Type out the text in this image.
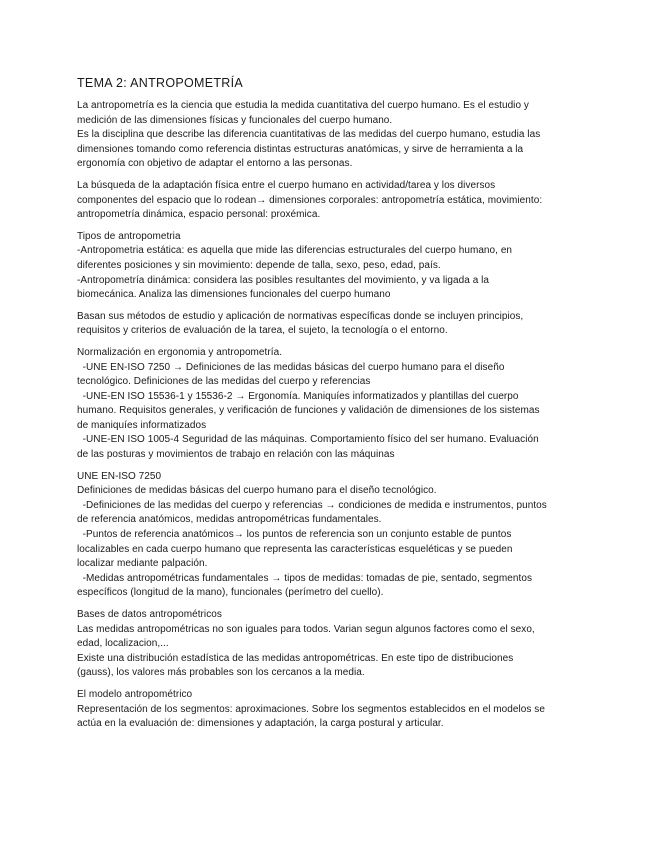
TEMA 2: ANTROPOMETRÍA
La antropometría es la ciencia que estudia la medida cuantitativa del cuerpo humano. Es el estudio y
medición de las dimensiones físicas y funcionales del cuerpo humano.
Es la disciplina que describe las diferencia cuantitativas de las medidas del cuerpo humano, estudia las
dimensiones tomando como referencia distintas estructuras anatómicas, y sirve de herramienta a la
ergonomía con objetivo de adaptar el entorno a las personas.
La búsqueda de la adaptación física entre el cuerpo humano en actividad/tarea y los diversos
componentes del espacio que lo rodean→ dimensiones corporales: antropometría estática, movimiento:
antropometría dinámica, espacio personal: proxémica.
Tipos de antropometria
-Antropometria estática: es aquella que mide las diferencias estructurales del cuerpo humano, en
diferentes posiciones y sin movimiento: depende de talla, sexo, peso, edad, país.
-Antropometría dinámica: considera las posibles resultantes del movimiento, y va ligada a la
biomecánica. Analiza las dimensiones funcionales del cuerpo humano
Basan sus métodos de estudio y aplicación de normativas específicas donde se incluyen principios,
requisitos y criterios de evaluación de la tarea, el sujeto, la tecnología o el entorno.
Normalización en ergonomia y antropometría.
-UNE EN-ISO 7250 → Definiciones de las medidas básicas del cuerpo humano para el diseño
tecnológico. Definiciones de las medidas del cuerpo y referencias
-UNE-EN ISO 15536-1 y 15536-2 → Ergonomía. Maniquíes informatizados y plantillas del cuerpo
humano. Requisitos generales, y verificación de funciones y validación de dimensiones de los sistemas
de maniquíes informatizados
-UNE-EN ISO 1005-4 Seguridad de las máquinas. Comportamiento físico del ser humano. Evaluación
de las posturas y movimientos de trabajo en relación con las máquinas
UNE EN-ISO 7250
Definiciones de medidas básicas del cuerpo humano para el diseño tecnológico.
-Definiciones de las medidas del cuerpo y referencias → condiciones de medida e instrumentos, puntos
de referencia anatómicos, medidas antropométricas fundamentales.
-Puntos de referencia anatómicos→ los puntos de referencia son un conjunto estable de puntos
localizables en cada cuerpo humano que representa las características esqueléticas y se pueden
localizar mediante palpación.
-Medidas antropométricas fundamentales → tipos de medidas: tomadas de pie, sentado, segmentos
específicos (longitud de la mano), funcionales (perímetro del cuello).
Bases de datos antropométricos
Las medidas antropométricas no son iguales para todos. Varian segun algunos factores como el sexo,
edad, localizacion,...
Existe una distribución estadística de las medidas antropométricas. En este tipo de distribuciones
(gauss), los valores más probables son los cercanos a la media.
El modelo antropométrico
Representación de los segmentos: aproximaciones. Sobre los segmentos establecidos en el modelos se
actúa en la evaluación de: dimensiones y adaptación, la carga postural y articular.
